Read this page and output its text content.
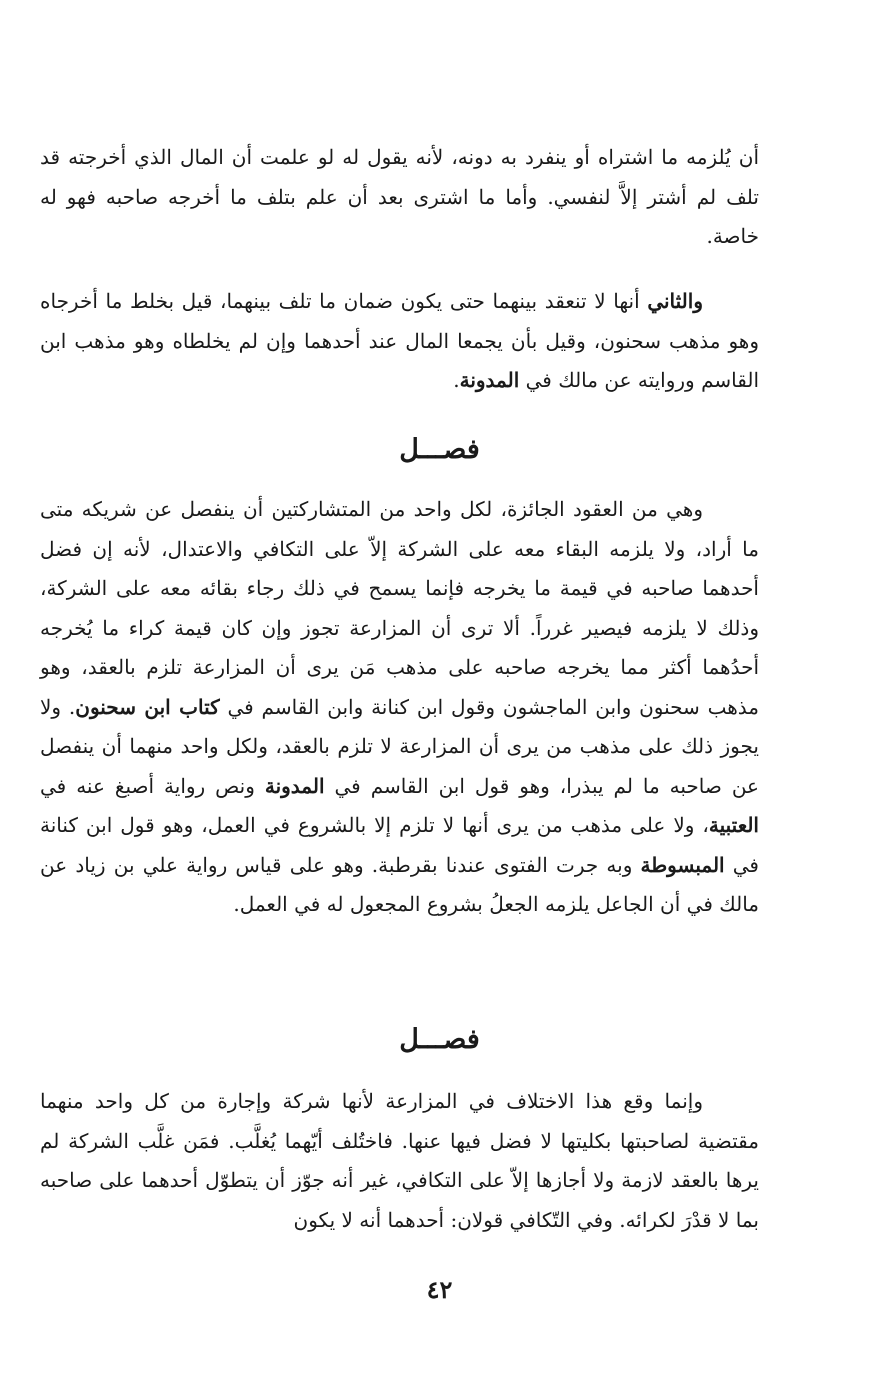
أن يُلزمه ما اشتراه أو ينفرد به دونه، لأنه يقول له لو علمت أن المال الذي أخرجته قد تلف لم أشتر إلاَّ لنفسي. وأما ما اشترى بعد أن علم بتلف ما أخرجه صاحبه فهو له خاصة.

والثاني أنها لا تنعقد بينهما حتى يكون ضمان ما تلف بينهما، قيل بخلط ما أخرجاه وهو مذهب سحنون، وقيل بأن يجمعا المال عند أحدهما وإن لم يخلطاه وهو مذهب ابن القاسم وروايته عن مالك في المدونة.

فصـــل

وهي من العقود الجائزة، لكل واحد من المتشاركتين أن ينفصل عن شريكه متى ما أراد، ولا يلزمه البقاء معه على الشركة إلاّ على التكافي والاعتدال، لأنه إن فضل أحدهما صاحبه في قيمة ما يخرجه فإنما يسمح في ذلك رجاء بقائه معه على الشركة، وذلك لا يلزمه فيصير غرراً. ألا ترى أن المزارعة تجوز وإن كان قيمة كراء ما يُخرجه أحدُهما أكثر مما يخرجه صاحبه على مذهب مَن يرى أن المزارعة تلزم بالعقد، وهو مذهب سحنون وابن الماجشون وقول ابن كنانة وابن القاسم في كتاب ابن سحنون. ولا يجوز ذلك على مذهب من يرى أن المزارعة لا تلزم بالعقد، ولكل واحد منهما أن ينفصل عن صاحبه ما لم يبذرا، وهو قول ابن القاسم في المدونة ونص رواية أصبغ عنه في العتبية، ولا على مذهب من يرى أنها لا تلزم إلا بالشروع في العمل، وهو قول ابن كنانة في المبسوطة وبه جرت الفتوى عندنا بقرطبة. وهو على قياس رواية علي بن زياد عن مالك في أن الجاعل يلزمه الجعلُ بشروع المجعول له في العمل.

فصـــل

وإنما وقع هذا الاختلاف في المزارعة لأنها شركة وإجارة من كل واحد منهما مقتضية لصاحبتها بكليتها لا فضل فيها عنها. فاختُلف أيّهما يُغلَّب. فمَن غلَّب الشركة لم يرها بالعقد لازمة ولا أجازها إلاّ على التكافي، غير أنه جوّز أن يتطوّل أحدهما على صاحبه بما لا قدْرَ لكرائه. وفي التّكافي قولان: أحدهما أنه لا يكون

٤٢
